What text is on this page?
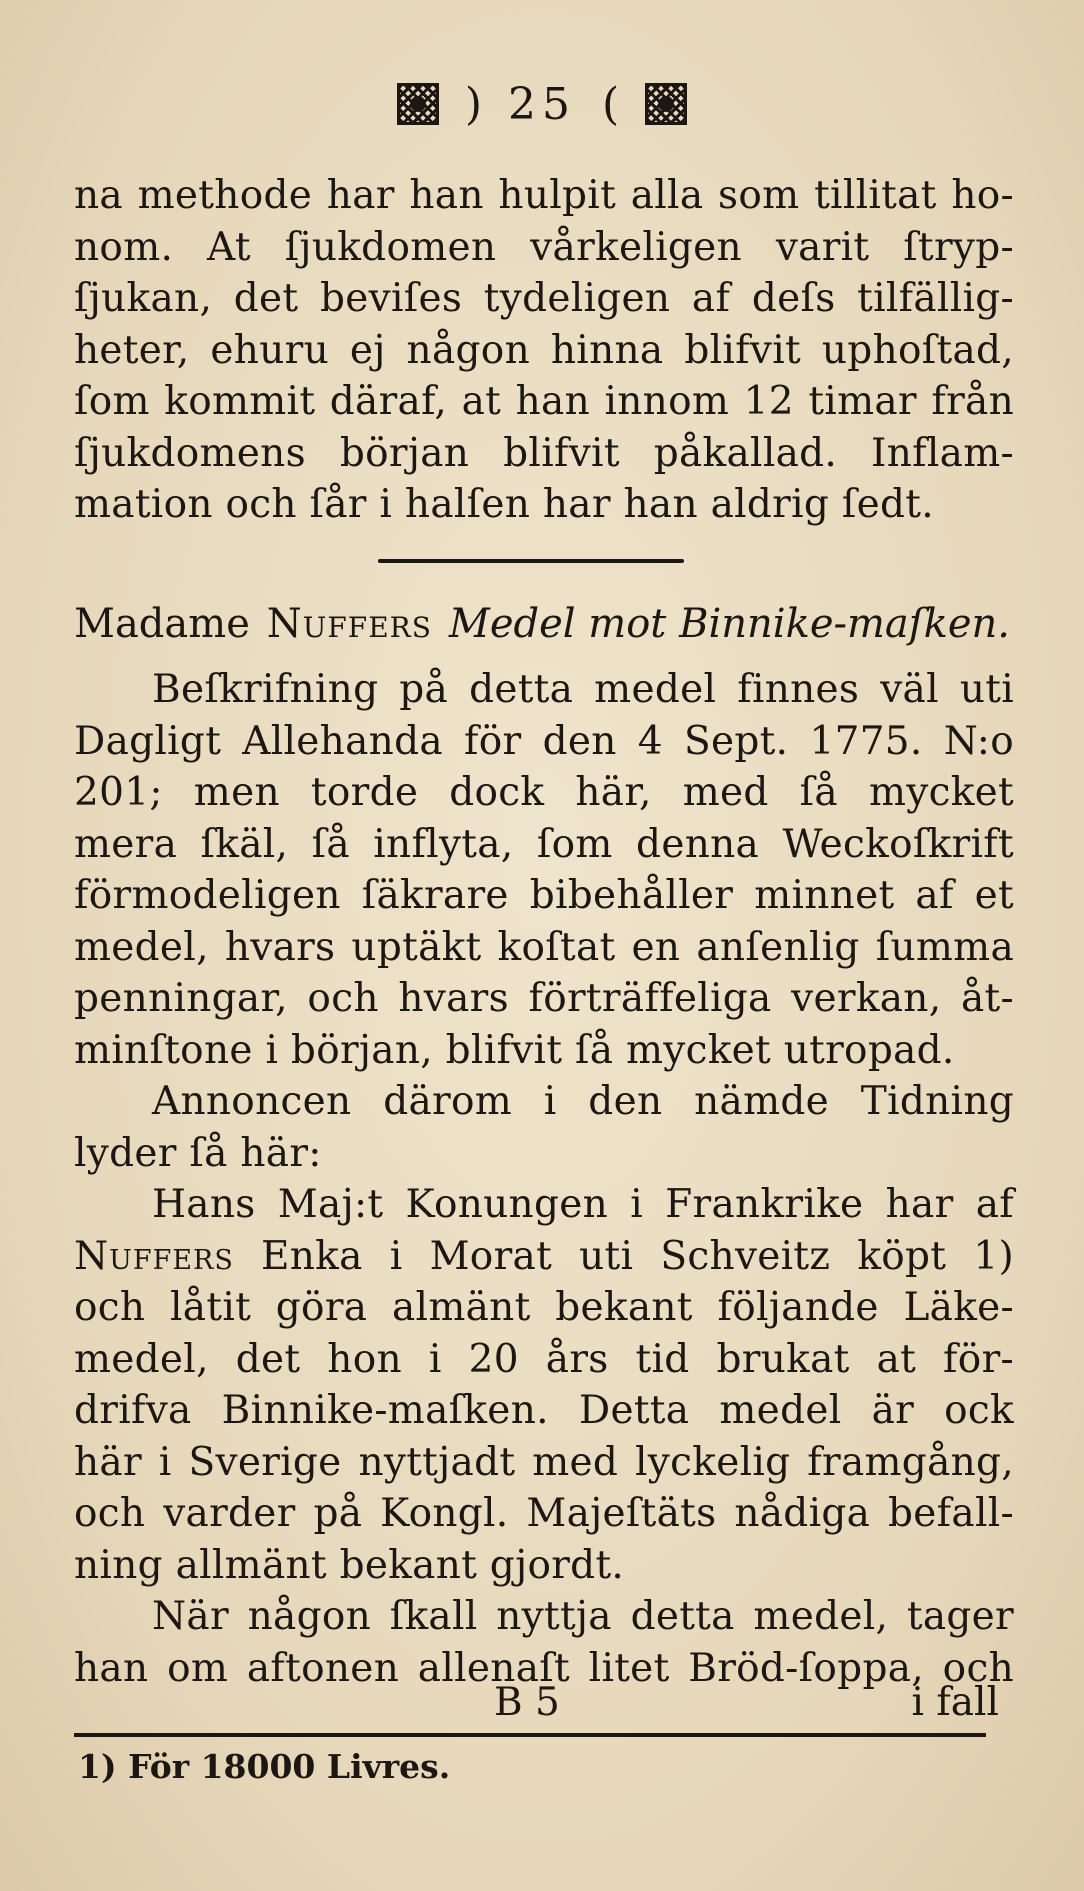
) 25 (
na methode har han hulpit alla som tillitat ho-
nom. At ſjukdomen vårkeligen varit ſtryp-
ſjukan, det beviſes tydeligen af deſs tilfällig-
heter, ehuru ej någon hinna blifvit uphoſtad,
ſom kommit däraf, at han innom 12 timar från
ſjukdomens början blifvit påkallad. Inflam-
mation och ſår i halſen har han aldrig ſedt.
Madame Nuffers Medel mot Binnike-maſken.
Beſkrifning på detta medel finnes väl uti
Dagligt Allehanda för den 4 Sept. 1775. N:o
201; men torde dock här, med ſå mycket
mera ſkäl, ſå inflyta, ſom denna Weckoſkrift
förmodeligen ſäkrare bibehåller minnet af et
medel, hvars uptäkt koſtat en anſenlig ſumma
penningar, och hvars förträffeliga verkan, åt-
minſtone i början, blifvit ſå mycket utropad.
Annoncen därom i den nämde Tidning
lyder ſå här:
Hans Maj:t Konungen i Frankrike har af
Nuffers Enka i Morat uti Schveitz köpt 1)
och låtit göra almänt bekant följande Läke-
medel, det hon i 20 års tid brukat at för-
drifva Binnike-maſken. Detta medel är ock
här i Sverige nyttjadt med lyckelig framgång,
och varder på Kongl. Majeſtäts nådiga befall-
ning allmänt bekant gjordt.
När någon ſkall nyttja detta medel, tager
han om aftonen allenaſt litet Bröd-ſoppa, och
B 5	i fall
1) För 18000 Livres.
